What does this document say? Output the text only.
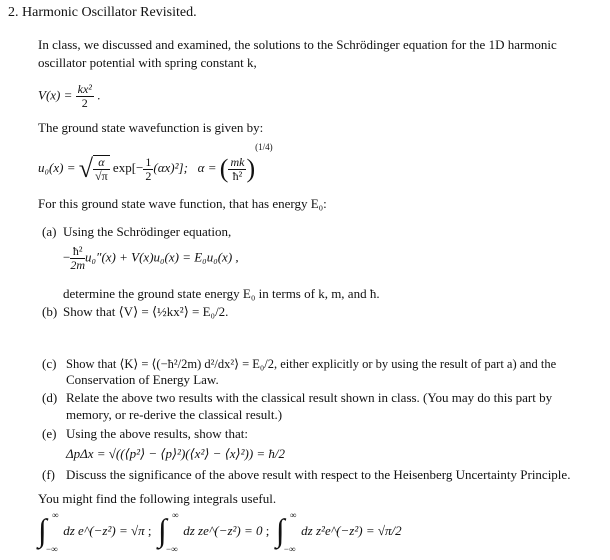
2. Harmonic Oscillator Revisited.
In class, we discussed and examined, the solutions to the Schrödinger equation for the 1D harmonic
oscillator potential with spring constant k,
$V(x) = \frac{\text{kx²}}{2}$ .
The ground state wavefunction is given by:
u₀(x) = √ $\frac{\alpha}{√\pi} \exp[- \frac{1}{2} (\alpha x)^2]$; α = ( $\frac{mk}{\text{ħ²}} )^{(1/4)}$
For this ground state wave function, that has energy E₀:
(a) Using the Schrödinger equation,
− $\frac{\text{ħ²}}{2m}u_0''(x) + V(x)u_0(x) = E_0u_0(x)$ ,
determine the ground state energy E₀ in terms of k, m, and ħ.
(b) Show that ⟨V⟩ = ⟨½kx²⟩ = E₀/2.
(c) Show that ⟨K⟩ = ⟨(−ħ²/2m) d²/dx²⟩ = E₀/2, either explicitly or by using the result of part a) and the
Conservation of Energy Law.
(d) Relate the above two results with the classical result shown in class. (You may do this part by
memory, or re-derive the classical result.)
(e) Using the above results, show that:
ΔpΔx = √((⟨p²⟩ − ⟨p⟩²)(⟨x²⟩ − ⟨x⟩²)) = ħ/2
(f) Discuss the significance of the above result with respect to the Heisenberg Uncertainty Principle.
You might find the following integrals useful.
∫ ∞
−∞
dz e^(−z²) = √π ; ∫ ∞
−∞
dz ze^(−z²) = 0 ; ∫ ∞
−∞
dz z²e^(−z²) = √π/2
